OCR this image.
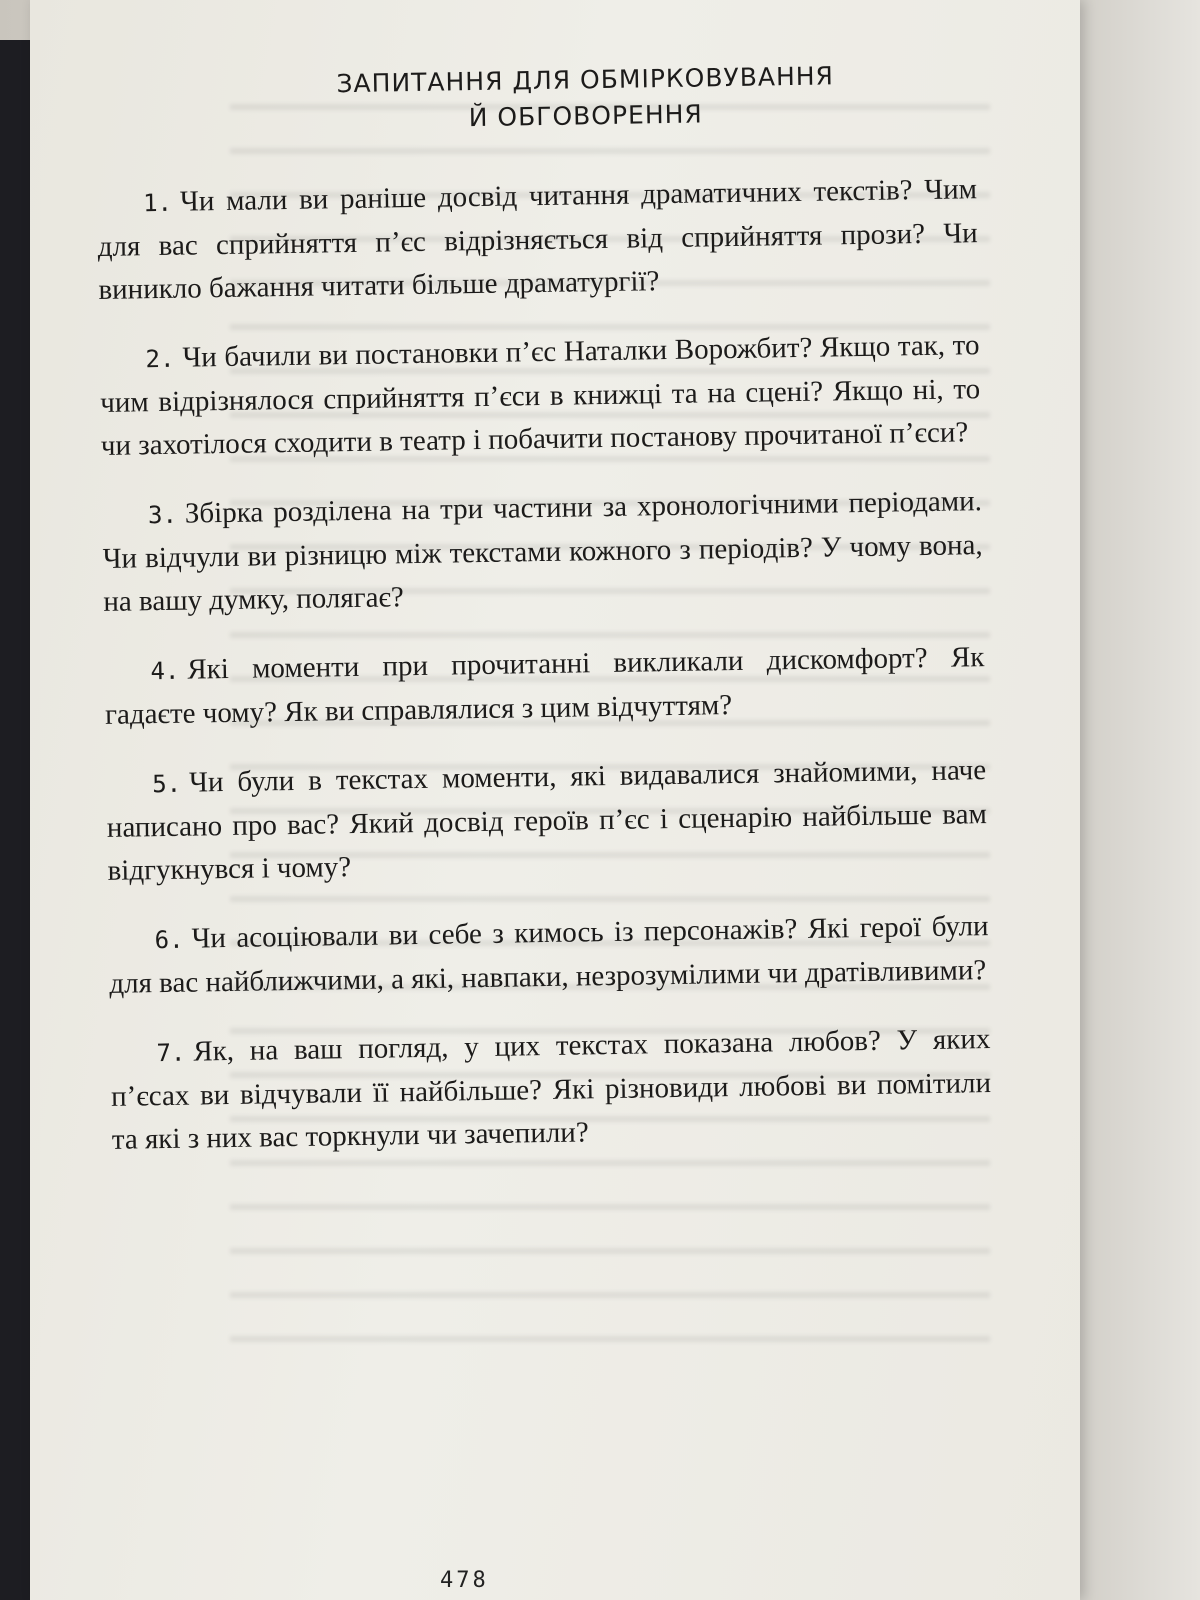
ЗАПИТАННЯ ДЛЯ ОБМІРКОВУВАННЯ
Й ОБГОВОРЕННЯ

1. Чи мали ви раніше досвід читання драматичних текстів? Чим для вас сприйняття п’єс відрізняється від сприйняття прози? Чи виникло бажання читати більше драматургії?

2. Чи бачили ви постановки п’єс Наталки Ворожбит? Якщо так, то чим відрізнялося сприйняття п’єси в книжці та на сцені? Якщо ні, то чи захотілося сходити в театр і побачити постанову прочитаної п’єси?

3. Збірка розділена на три частини за хронологічними періодами. Чи відчули ви різницю між текстами кожного з періодів? У чому вона, на вашу думку, полягає?

4. Які моменти при прочитанні викликали дискомфорт? Як гадаєте чому? Як ви справлялися з цим відчуттям?

5. Чи були в текстах моменти, які видавалися знайомими, наче написано про вас? Який досвід героїв п’єс і сценарію найбільше вам відгукнувся і чому?

6. Чи асоціювали ви себе з кимось із персонажів? Які герої були для вас найближчими, а які, навпаки, незрозумілими чи дратівливими?

7. Як, на ваш погляд, у цих текстах показана любов? У яких п’єсах ви відчували її найбільше? Які різновиди любові ви помітили та які з них вас торкнули чи зачепили?

478
